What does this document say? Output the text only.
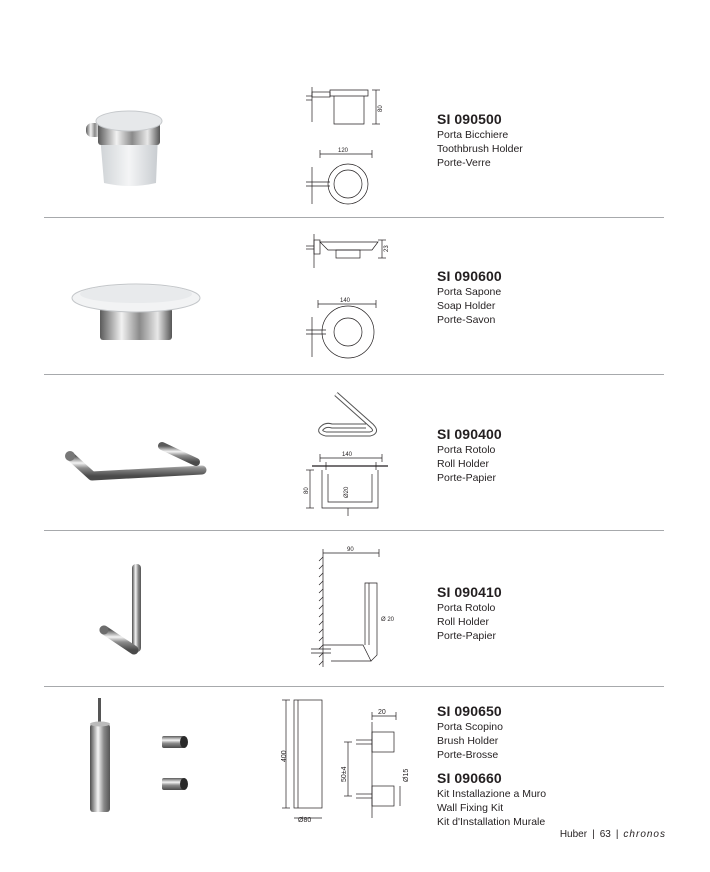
80
120

SI 090500

Porta Bicchiere

Toothbrush Holder

Porte-Verre

23
140

SI 090600

Porta Sapone

Soap Holder

Porte-Savon

140
80	Ø20

SI 090400

Porta Rotolo

Roll Holder

Porte-Papier

90
Ø 20

SI 090410

Porta Rotolo

Roll Holder

Porte-Papier

400
Ø80
20
50±4	Ø15

SI 090650

Porta Scopino

Brush Holder

Porte-Brosse

SI 090660

Kit Installazione a Muro

Wall Fixing Kit

Kit d'Installation Murale

Huber | 63 | chronos
